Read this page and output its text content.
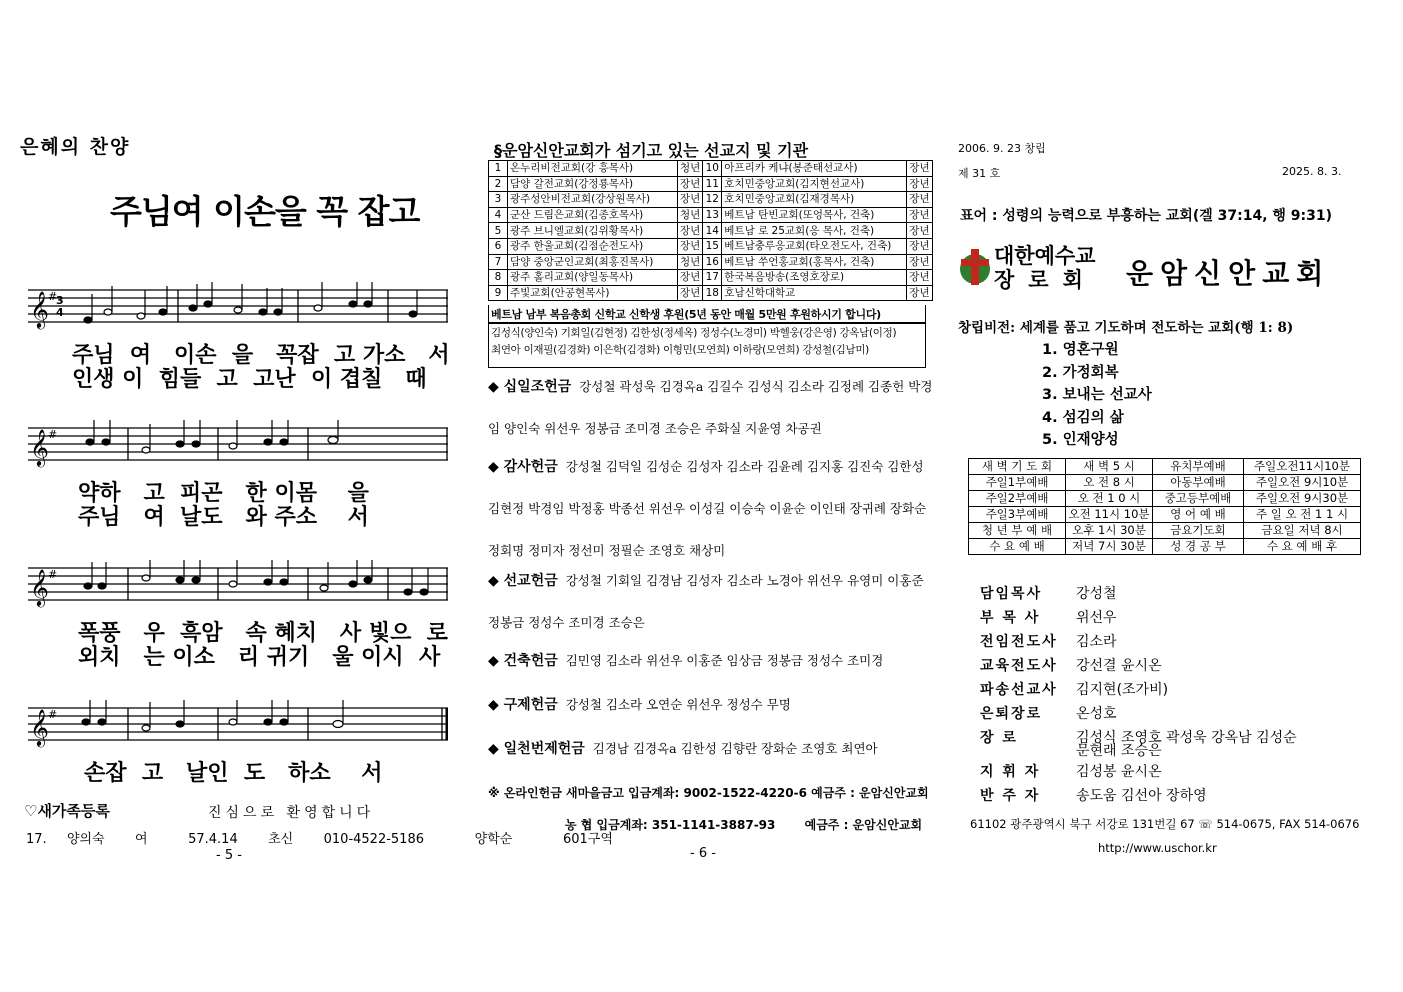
은혜의 찬양
주님여 이손을 꼭 잡고
𝄞 #
3
4
주님  여   이손  을   꼭잡  고 가소   서
인생 이  힘들  고  고난  이 겹칠   때
𝄞 #
약하   고  피곤   한 이몸    을
주님   여  날도   와 주소    서
𝄞 #
폭풍   우  흑암   속 혜치   사 빛으  로
외치   는 이소   리 귀기   울 이시  사
𝄞 #
손잡  고   날인  도   하소    서
♡새가족등록	진심으로 환영합니다
17.  양의숙   여    57.4.14   초신   010-4522-5186     양학순     601구역
- 5 -
§운암신안교회가 섬기고 있는 선교지 및 기관
1	온누리비전교회(강 흥목사)	청년	10	아프리카 케냐(봉준태선교사)	장년
2	담양 갈전교회(강정룡목사)	장년	11	호치민중앙교회(김지현선교사)	장년
3	광주성안비전교회(강상원목사)	장년	12	호치민중앙교회(김재경목사)	장년
4	군산 드림은교회(김종호목사)	청년	13	베트남 탄빈교회(또엉목사, 건축)	장년
5	광주 브니엘교회(김위황목사)	장년	14	베트남 로 25교회(응 목사, 건축)	장년
6	광주 한울교회(김점순전도사)	장년	15	베트남충루응교회(타오전도사, 건축)	장년
7	담양 중앙군인교회(최홍진목사)	청년	16	베트남 쑤언홍교회(홍목사, 건축)	장년
8	광주 홀리교회(양일동목사)	장년	17	한국복음방송(조영호장로)	장년
9	주빛교회(안공현목사)	장년	18	호남신학대학교	장년
베트남 남부 복음총회 신학교 신학생 후원(5년 동안 매월 5만원 후원하시기 합니다)
김성식(양인숙) 기회일(김현정) 김한성(정세옥) 정성수(노경미) 박헬웅(강은영) 강옥남(이정)
최연아 이재필(김경화) 이은학(김경화) 이형민(모연희) 이하랑(모연희) 강성철(김남미)
◆ 십일조헌금 강성철 곽성욱 김경옥a 김길수 김성식 김소라 김정례 김종헌 박경임 양인숙 위선우 정봉금 조미경 조승은 주화실 지윤영 차공권
◆ 감사헌금 강성철 김덕일 김성순 김성자 김소라 김윤례 김지홍 김진숙 김한성 김현정 박경임 박정홍 박종선 위선우 이성길 이승숙 이윤순 이인태 장귀례 장화순 정회명 정미자 정선미 정필순 조영호 채상미
◆ 선교헌금 강성철 기회일 김경남 김성자 김소라 노경아 위선우 유영미 이홍준 정봉금 정성수 조미경 조승은
◆ 건축헌금 김민영 김소라 위선우 이홍준 임상금 정봉금 정성수 조미경
◆ 구제헌금 강성철 김소라 오연순 위선우 정성수 무명
◆ 일천번제헌금 김경남 김경옥a 김한성 김향란 장화순 조영호 최연아
※ 온라인헌금 새마을금고 입금계좌: 9002-1522-4220-6 예금주 : 운암신안교회
농 협 입금계좌: 351-1141-3887-93       예금주 : 운암신안교회
- 6 -
2006. 9. 23 창립
제 31 호	2025. 8. 3.
표어 : 성령의 능력으로 부흥하는 교회(겔 37:14, 행 9:31)
대한예수교
장로회 운암신안교회
창립비전: 세계를 품고 기도하며 전도하는 교회(행 1: 8)
1. 영혼구원
2. 가정회복
3. 보내는 선교사
4. 섬김의 삶
5. 인재양성
새 벽 기 도 회	새 벽 5 시	유치부예배	주일오전11시10분
주일1부예배	오 전 8 시	아동부예배	주일오전 9시10분
주일2부예배	오 전 1 0 시	중고등부예배	주일오전 9시30분
주일3부예배	오전 11시 10분	영 어 예 배	주 일 오 전 1 1 시
청 년 부 예 배	오후 1시 30분	금요기도회	금요일 저녁 8시
수 요 예 배	저녁 7시 30분	성 경 공 부	수 요 예 배 후
담임목사	강성철
부 목 사	위선우
전임전도사	김소라
교육전도사	강선결 윤시온
파송선교사	김지현(조가비)
은퇴장로	온성호
장 로	김성식 조영호 곽성욱 강옥남 김성순
문현래 조승은
지 휘 자	김성봉 윤시온
반 주 자	송도움 김선아 장하영
61102 광주광역시 북구 서강로 131번길 67 ☏ 514-0675, FAX 514-0676
http://www.uschor.kr
